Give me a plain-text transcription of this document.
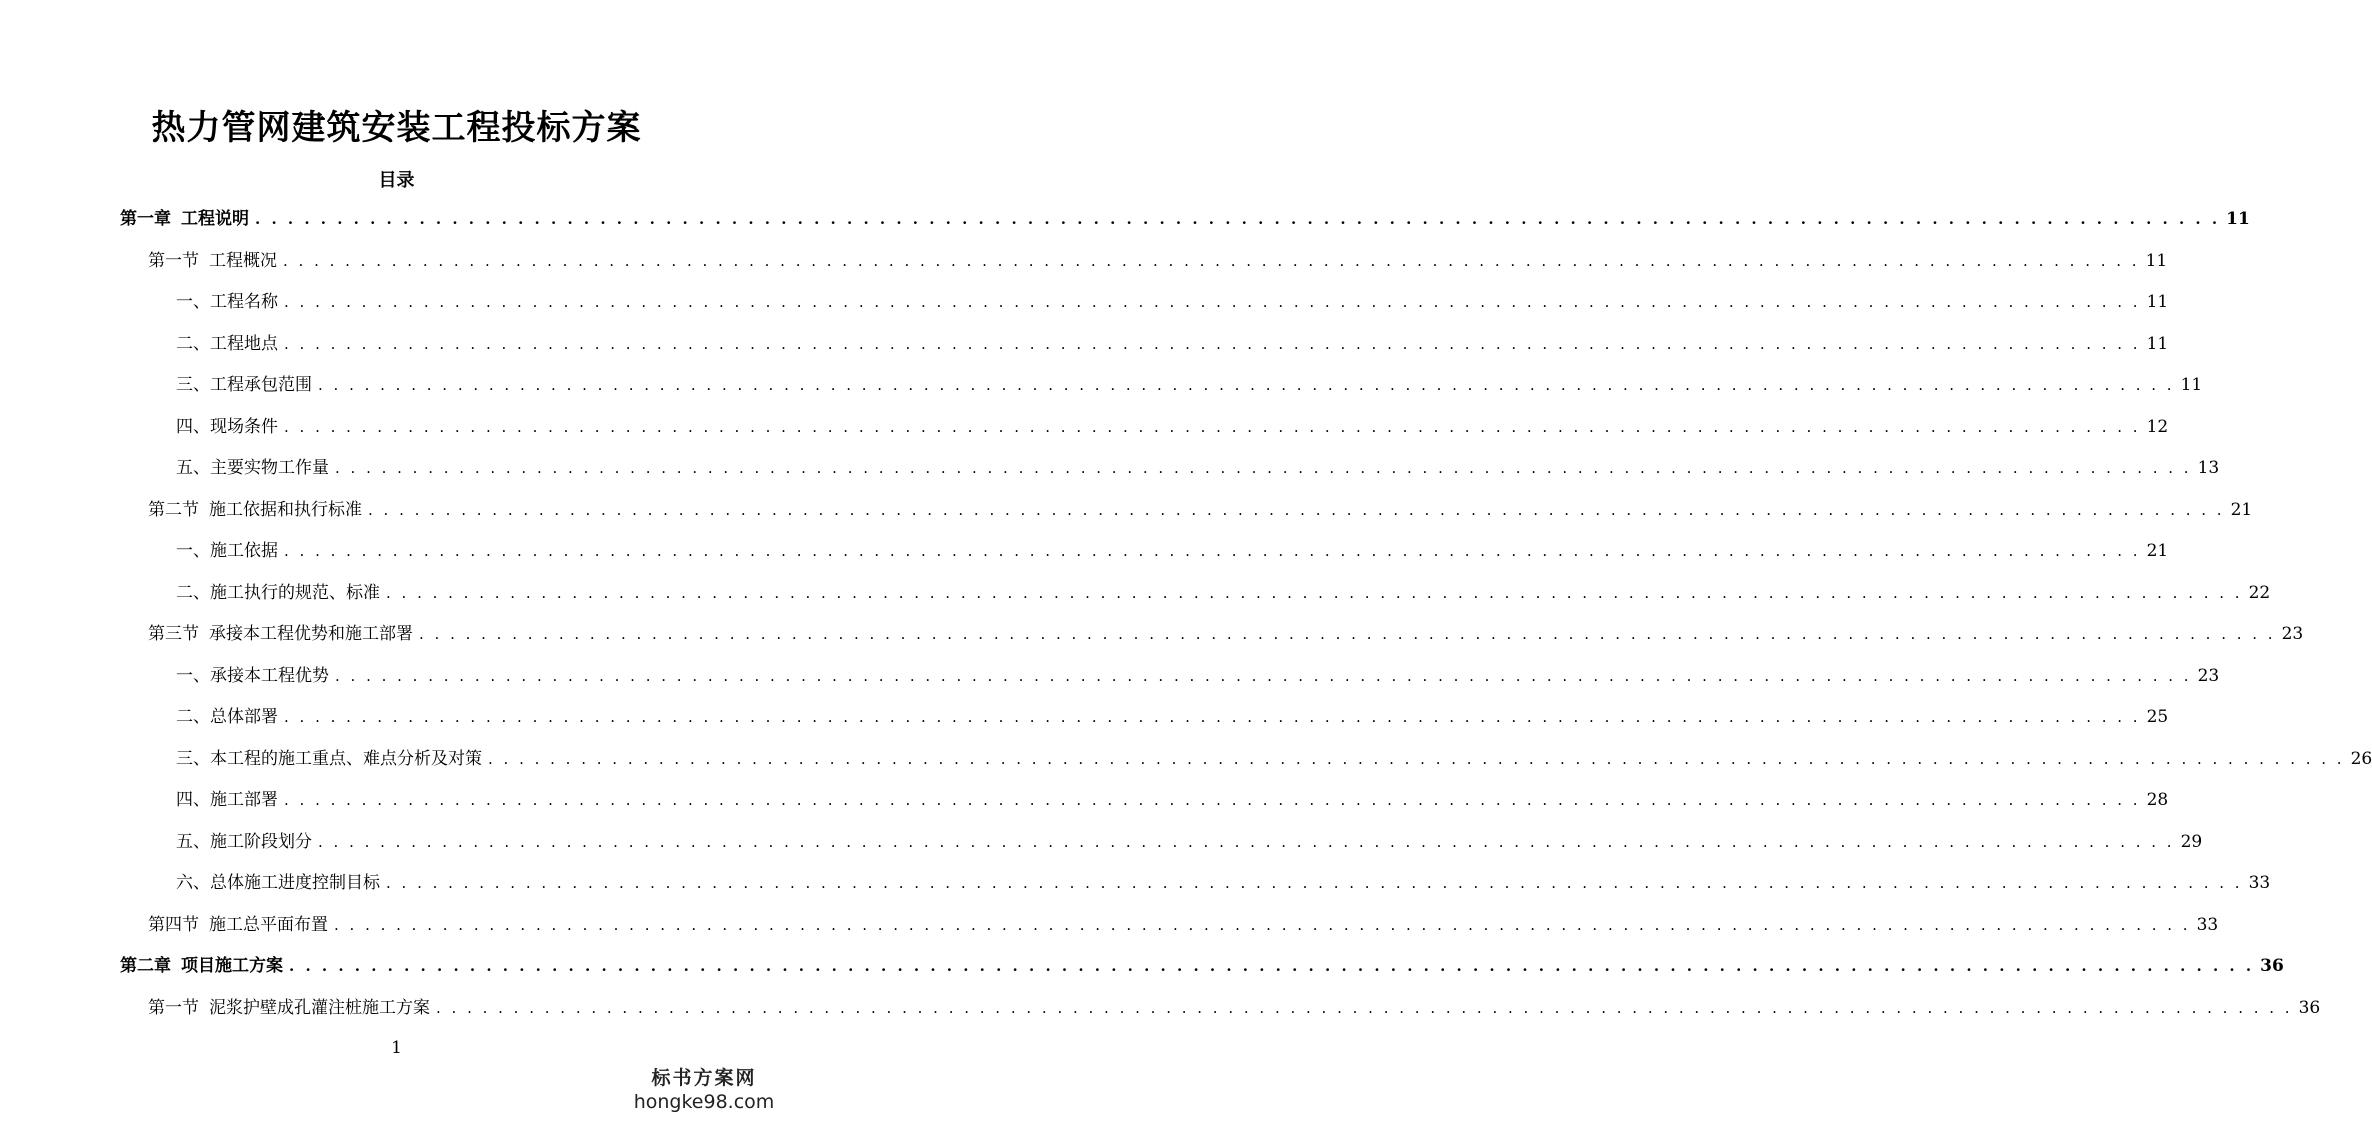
热力管网建筑安装工程投标方案
目录
第一章 工程说明 . . . . . . . . . . . . . . . . . . . . . . . . . . . . . . . . . . . . . . . . . . . . . . . . . . . . . . . . . . . . . . . . . . . . . . . . . . . . . . . . . . . . . . . . . . . . . . . . . . . . . . . . . . . . . . . . . . . . . . . . 11
第一节 工程概况 . . . . . . . . . . . . . . . . . . . . . . . . . . . . . . . . . . . . . . . . . . . . . . . . . . . . . . . . . . . . . . . . . . . . . . . . . . . . . . . . . . . . . . . . . . . . . . . . . . . . . . . . . . . . . . . . . . . . . . . . 11
一、 工程名称 . . . . . . . . . . . . . . . . . . . . . . . . . . . . . . . . . . . . . . . . . . . . . . . . . . . . . . . . . . . . . . . . . . . . . . . . . . . . . . . . . . . . . . . . . . . . . . . . . . . . . . . . . . . . . . . . . . . . . . . . 11
二、 工程地点 . . . . . . . . . . . . . . . . . . . . . . . . . . . . . . . . . . . . . . . . . . . . . . . . . . . . . . . . . . . . . . . . . . . . . . . . . . . . . . . . . . . . . . . . . . . . . . . . . . . . . . . . . . . . . . . . . . . . . . . . 11
三、 工程承包范围 . . . . . . . . . . . . . . . . . . . . . . . . . . . . . . . . . . . . . . . . . . . . . . . . . . . . . . . . . . . . . . . . . . . . . . . . . . . . . . . . . . . . . . . . . . . . . . . . . . . . . . . . . . . . . . . . . . . . . . . . 11
四、 现场条件 . . . . . . . . . . . . . . . . . . . . . . . . . . . . . . . . . . . . . . . . . . . . . . . . . . . . . . . . . . . . . . . . . . . . . . . . . . . . . . . . . . . . . . . . . . . . . . . . . . . . . . . . . . . . . . . . . . . . . . . . 12
五、 主要实物工作量 . . . . . . . . . . . . . . . . . . . . . . . . . . . . . . . . . . . . . . . . . . . . . . . . . . . . . . . . . . . . . . . . . . . . . . . . . . . . . . . . . . . . . . . . . . . . . . . . . . . . . . . . . . . . . . . . . . . . . . . . 13
第二节 施工依据和执行标准 . . . . . . . . . . . . . . . . . . . . . . . . . . . . . . . . . . . . . . . . . . . . . . . . . . . . . . . . . . . . . . . . . . . . . . . . . . . . . . . . . . . . . . . . . . . . . . . . . . . . . . . . . . . . . . . . . . . . . . . . 21
一、 施工依据 . . . . . . . . . . . . . . . . . . . . . . . . . . . . . . . . . . . . . . . . . . . . . . . . . . . . . . . . . . . . . . . . . . . . . . . . . . . . . . . . . . . . . . . . . . . . . . . . . . . . . . . . . . . . . . . . . . . . . . . . 21
二、 施工执行的规范、标准 . . . . . . . . . . . . . . . . . . . . . . . . . . . . . . . . . . . . . . . . . . . . . . . . . . . . . . . . . . . . . . . . . . . . . . . . . . . . . . . . . . . . . . . . . . . . . . . . . . . . . . . . . . . . . . . . . . . . . . . . 22
第三节 承接本工程优势和施工部署 . . . . . . . . . . . . . . . . . . . . . . . . . . . . . . . . . . . . . . . . . . . . . . . . . . . . . . . . . . . . . . . . . . . . . . . . . . . . . . . . . . . . . . . . . . . . . . . . . . . . . . . . . . . . . . . . . . . . . . . . 23
一、 承接本工程优势 . . . . . . . . . . . . . . . . . . . . . . . . . . . . . . . . . . . . . . . . . . . . . . . . . . . . . . . . . . . . . . . . . . . . . . . . . . . . . . . . . . . . . . . . . . . . . . . . . . . . . . . . . . . . . . . . . . . . . . . . 23
二、 总体部署 . . . . . . . . . . . . . . . . . . . . . . . . . . . . . . . . . . . . . . . . . . . . . . . . . . . . . . . . . . . . . . . . . . . . . . . . . . . . . . . . . . . . . . . . . . . . . . . . . . . . . . . . . . . . . . . . . . . . . . . . 25
三、 本工程的施工重点、难点分析及对策 . . . . . . . . . . . . . . . . . . . . . . . . . . . . . . . . . . . . . . . . . . . . . . . . . . . . . . . . . . . . . . . . . . . . . . . . . . . . . . . . . . . . . . . . . . . . . . . . . . . . . . . . . . . . . . . . . . . . . . . . 26
四、 施工部署 . . . . . . . . . . . . . . . . . . . . . . . . . . . . . . . . . . . . . . . . . . . . . . . . . . . . . . . . . . . . . . . . . . . . . . . . . . . . . . . . . . . . . . . . . . . . . . . . . . . . . . . . . . . . . . . . . . . . . . . . 28
五、 施工阶段划分 . . . . . . . . . . . . . . . . . . . . . . . . . . . . . . . . . . . . . . . . . . . . . . . . . . . . . . . . . . . . . . . . . . . . . . . . . . . . . . . . . . . . . . . . . . . . . . . . . . . . . . . . . . . . . . . . . . . . . . . . 29
六、 总体施工进度控制目标 . . . . . . . . . . . . . . . . . . . . . . . . . . . . . . . . . . . . . . . . . . . . . . . . . . . . . . . . . . . . . . . . . . . . . . . . . . . . . . . . . . . . . . . . . . . . . . . . . . . . . . . . . . . . . . . . . . . . . . . . 33
第四节 施工总平面布置 . . . . . . . . . . . . . . . . . . . . . . . . . . . . . . . . . . . . . . . . . . . . . . . . . . . . . . . . . . . . . . . . . . . . . . . . . . . . . . . . . . . . . . . . . . . . . . . . . . . . . . . . . . . . . . . . . . . . . . . . 33
第二章 项目施工方案 . . . . . . . . . . . . . . . . . . . . . . . . . . . . . . . . . . . . . . . . . . . . . . . . . . . . . . . . . . . . . . . . . . . . . . . . . . . . . . . . . . . . . . . . . . . . . . . . . . . . . . . . . . . . . . . . . . . . . . . . 36
第一节 泥浆护壁成孔灌注桩施工方案 . . . . . . . . . . . . . . . . . . . . . . . . . . . . . . . . . . . . . . . . . . . . . . . . . . . . . . . . . . . . . . . . . . . . . . . . . . . . . . . . . . . . . . . . . . . . . . . . . . . . . . . . . . . . . . . . . . . . . . . . 36
1
标书方案网
hongke98.com
